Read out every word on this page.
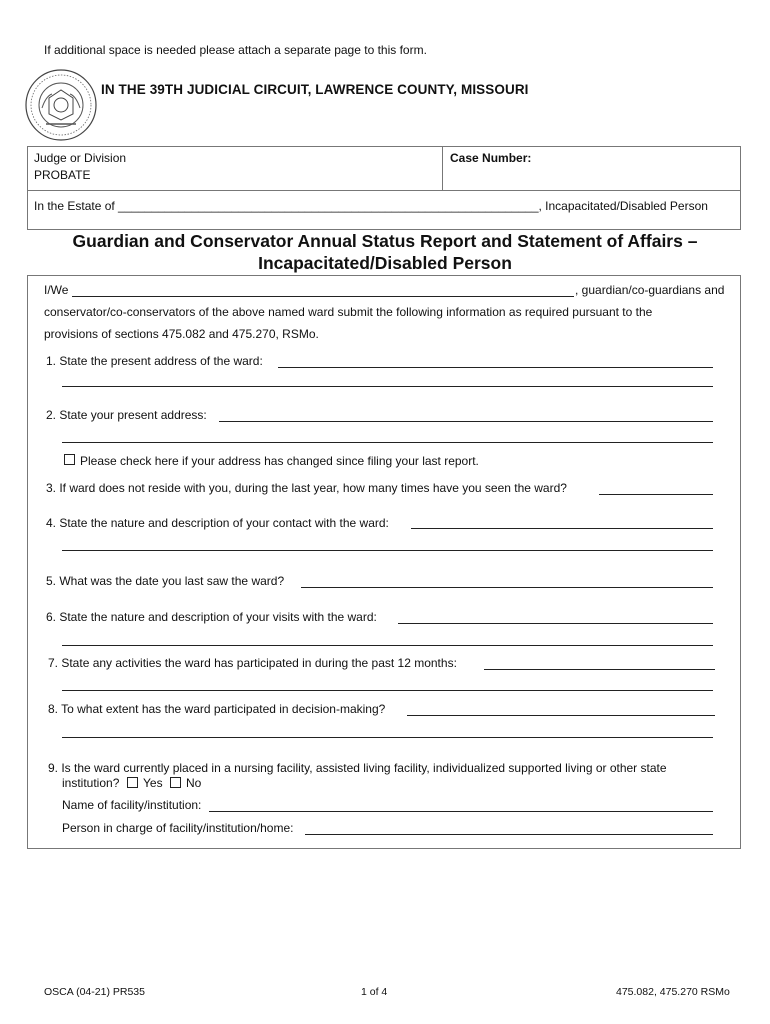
If additional space is needed please attach a separate page to this form.
IN THE 39TH JUDICIAL CIRCUIT, LAWRENCE COUNTY, MISSOURI
Judge or Division
PROBATE
Case Number:
In the Estate of _______________________________________________________________, Incapacitated/Disabled Person
Guardian and Conservator Annual Status Report and Statement of Affairs –
Incapacitated/Disabled Person
I/We	, guardian/co-guardians and
conservator/co-conservators of the above named ward submit the following information as required pursuant to the
provisions of sections 475.082 and 475.270, RSMo.
1. State the present address of the ward:
2. State your present address:
Please check here if your address has changed since filing your last report.
3. If ward does not reside with you, during the last year, how many times have you seen the ward?
4. State the nature and description of your contact with the ward:
5. What was the date you last saw the ward?
6. State the nature and description of your visits with the ward:
7. State any activities the ward has participated in during the past 12 months:
8. To what extent has the ward participated in decision-making?
9. Is the ward currently placed in a nursing facility, assisted living facility, individualized supported living or other state
institution? Yes No
Name of facility/institution:
Person in charge of facility/institution/home:
OSCA (04-21) PR535	1 of 4	475.082, 475.270 RSMo
